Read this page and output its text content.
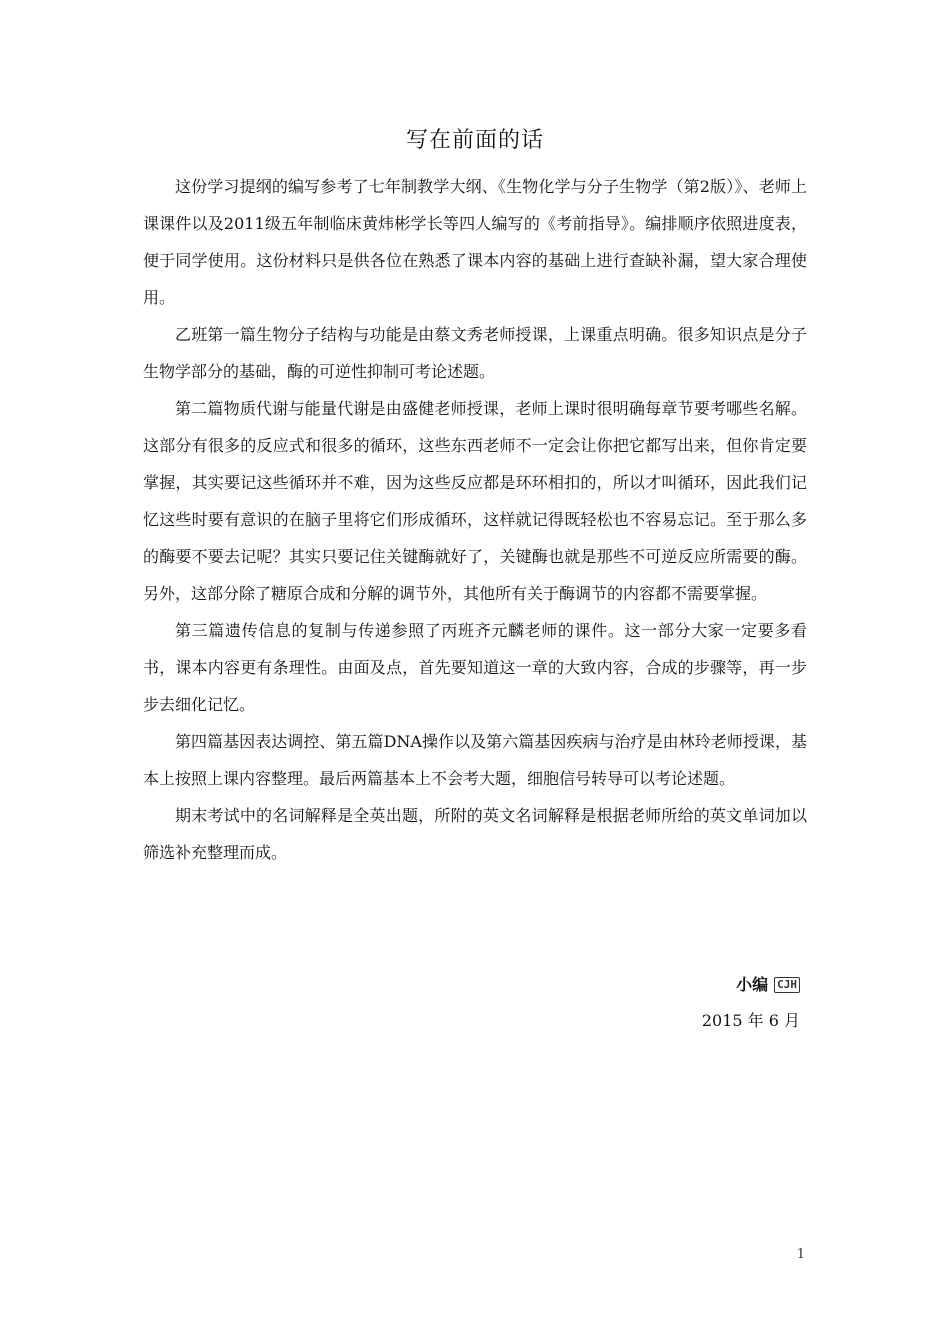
写在前面的话

这份学习提纲的编写参考了七年制教学大纲、《生物化学与分子生物学（第2版）》、老师上课课件以及2011级五年制临床黄炜彬学长等四人编写的《考前指导》。编排顺序依照进度表，便于同学使用。这份材料只是供各位在熟悉了课本内容的基础上进行查缺补漏，望大家合理使用。

乙班第一篇生物分子结构与功能是由蔡文秀老师授课，上课重点明确。很多知识点是分子生物学部分的基础，酶的可逆性抑制可考论述题。

第二篇物质代谢与能量代谢是由盛健老师授课，老师上课时很明确每章节要考哪些名解。这部分有很多的反应式和很多的循环，这些东西老师不一定会让你把它都写出来，但你肯定要掌握，其实要记这些循环并不难，因为这些反应都是环环相扣的，所以才叫循环，因此我们记忆这些时要有意识的在脑子里将它们形成循环，这样就记得既轻松也不容易忘记。至于那么多的酶要不要去记呢？其实只要记住关键酶就好了，关键酶也就是那些不可逆反应所需要的酶。另外，这部分除了糖原合成和分解的调节外，其他所有关于酶调节的内容都不需要掌握。

第三篇遗传信息的复制与传递参照了丙班齐元麟老师的课件。这一部分大家一定要多看书，课本内容更有条理性。由面及点，首先要知道这一章的大致内容，合成的步骤等，再一步步去细化记忆。

第四篇基因表达调控、第五篇DNA操作以及第六篇基因疾病与治疗是由林玲老师授课，基本上按照上课内容整理。最后两篇基本上不会考大题，细胞信号转导可以考论述题。

期末考试中的名词解释是全英出题，所附的英文名词解释是根据老师所给的英文单词加以筛选补充整理而成。

小编 CJH
2015 年 6 月
1
